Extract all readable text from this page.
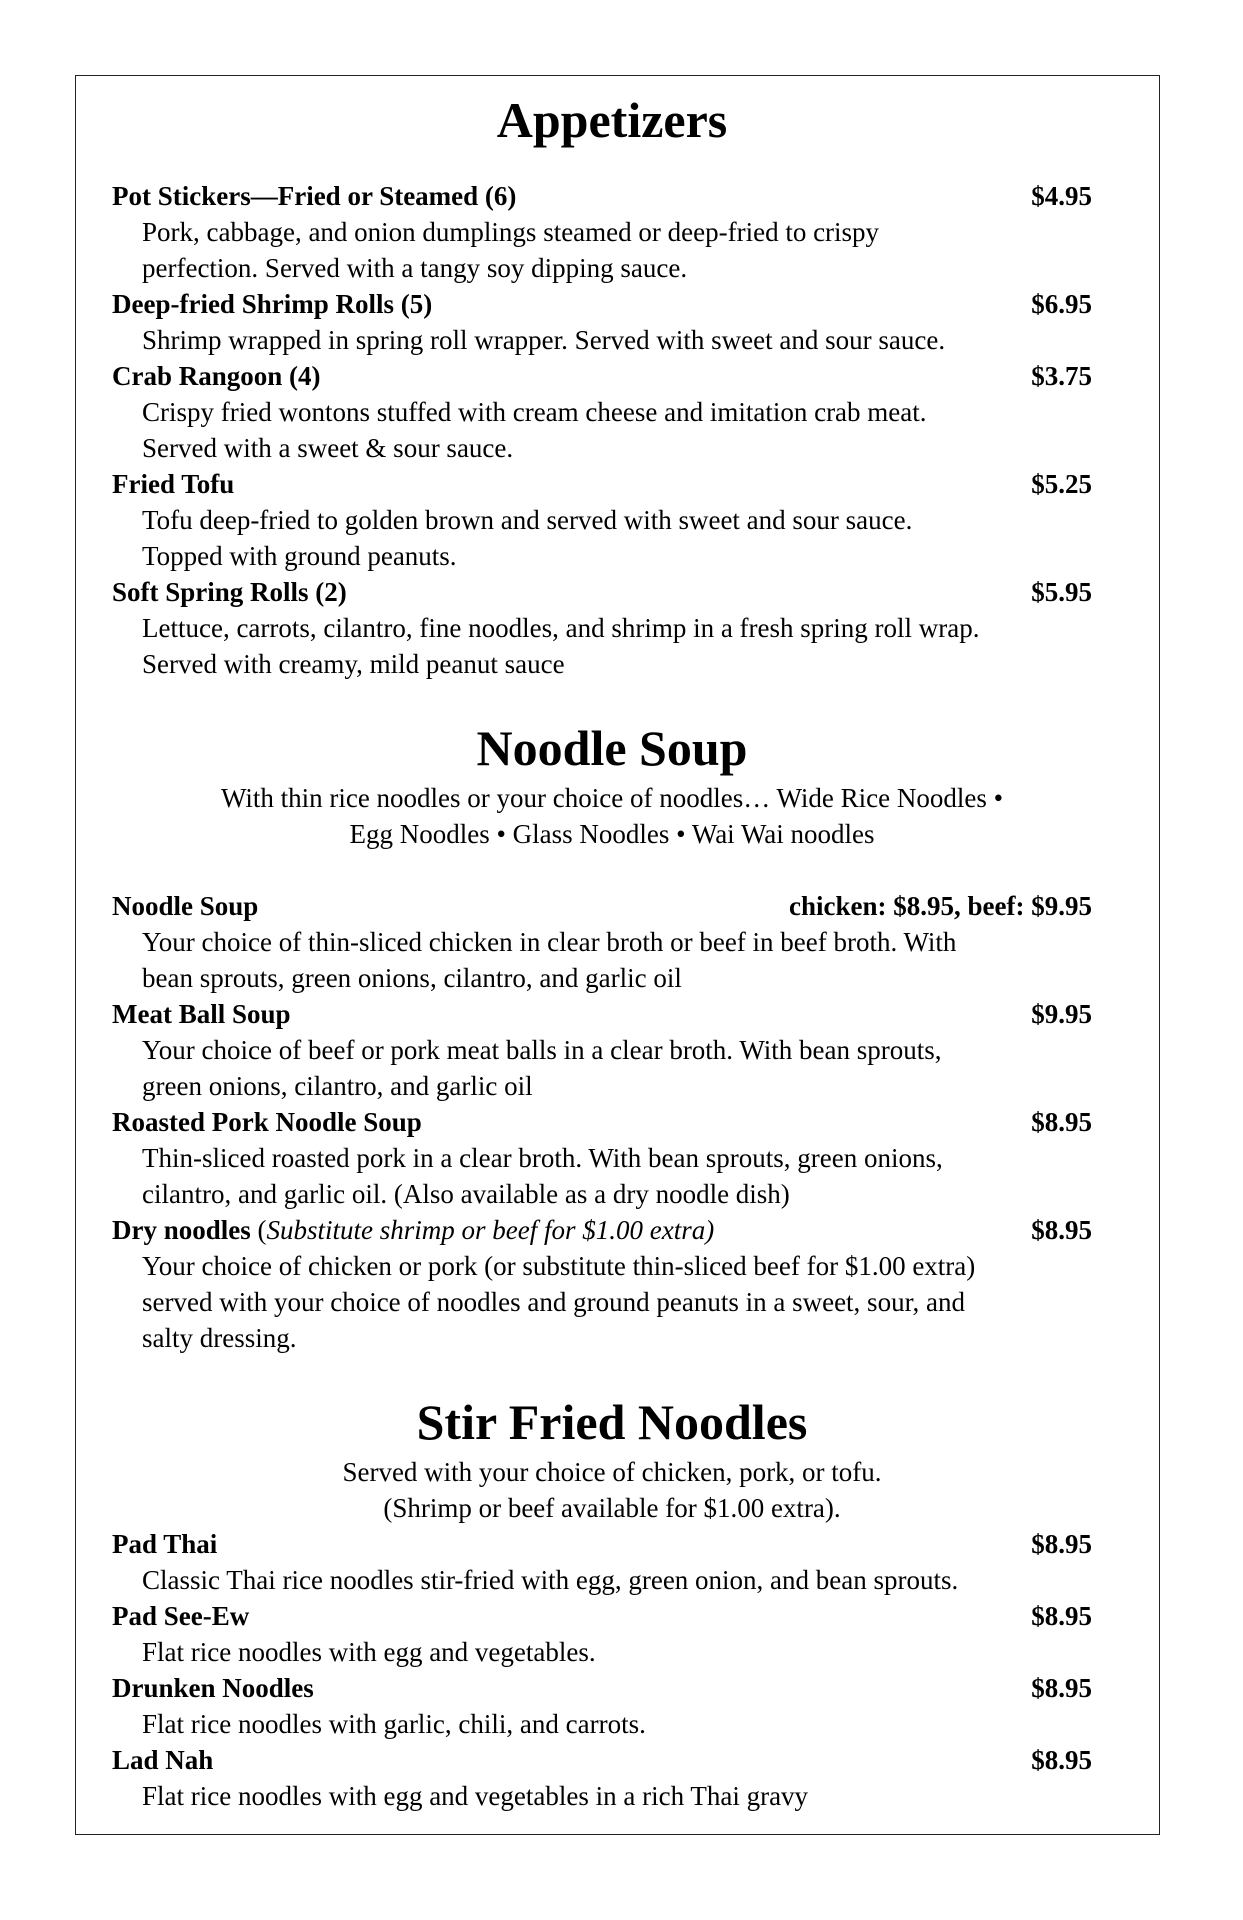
Appetizers
Pot Stickers—Fried or Steamed (6)	$4.95
Pork, cabbage, and onion dumplings steamed or deep-fried to crispy
perfection. Served with a tangy soy dipping sauce.
Deep-fried Shrimp Rolls (5)	$6.95
Shrimp wrapped in spring roll wrapper. Served with sweet and sour sauce.
Crab Rangoon (4)	$3.75
Crispy fried wontons stuffed with cream cheese and imitation crab meat.
Served with a sweet & sour sauce.
Fried Tofu	$5.25
Tofu deep-fried to golden brown and served with sweet and sour sauce.
Topped with ground peanuts.
Soft Spring Rolls (2)	$5.95
Lettuce, carrots, cilantro, fine noodles, and shrimp in a fresh spring roll wrap.
Served with creamy, mild peanut sauce
Noodle Soup
With thin rice noodles or your choice of noodles… Wide Rice Noodles •
Egg Noodles • Glass Noodles • Wai Wai noodles
Noodle Soup	chicken: $8.95, beef: $9.95
Your choice of thin-sliced chicken in clear broth or beef in beef broth. With
bean sprouts, green onions, cilantro, and garlic oil
Meat Ball Soup	$9.95
Your choice of beef or pork meat balls in a clear broth. With bean sprouts,
green onions, cilantro, and garlic oil
Roasted Pork Noodle Soup	$8.95
Thin-sliced roasted pork in a clear broth. With bean sprouts, green onions,
cilantro, and garlic oil. (Also available as a dry noodle dish)
Dry noodles (Substitute shrimp or beef for $1.00 extra)	$8.95
Your choice of chicken or pork (or substitute thin-sliced beef for $1.00 extra)
served with your choice of noodles and ground peanuts in a sweet, sour, and
salty dressing.
Stir Fried Noodles
Served with your choice of chicken, pork, or tofu.
(Shrimp or beef available for $1.00 extra).
Pad Thai	$8.95
Classic Thai rice noodles stir-fried with egg, green onion, and bean sprouts.
Pad See-Ew	$8.95
Flat rice noodles with egg and vegetables.
Drunken Noodles	$8.95
Flat rice noodles with garlic, chili, and carrots.
Lad Nah	$8.95
Flat rice noodles with egg and vegetables in a rich Thai gravy
